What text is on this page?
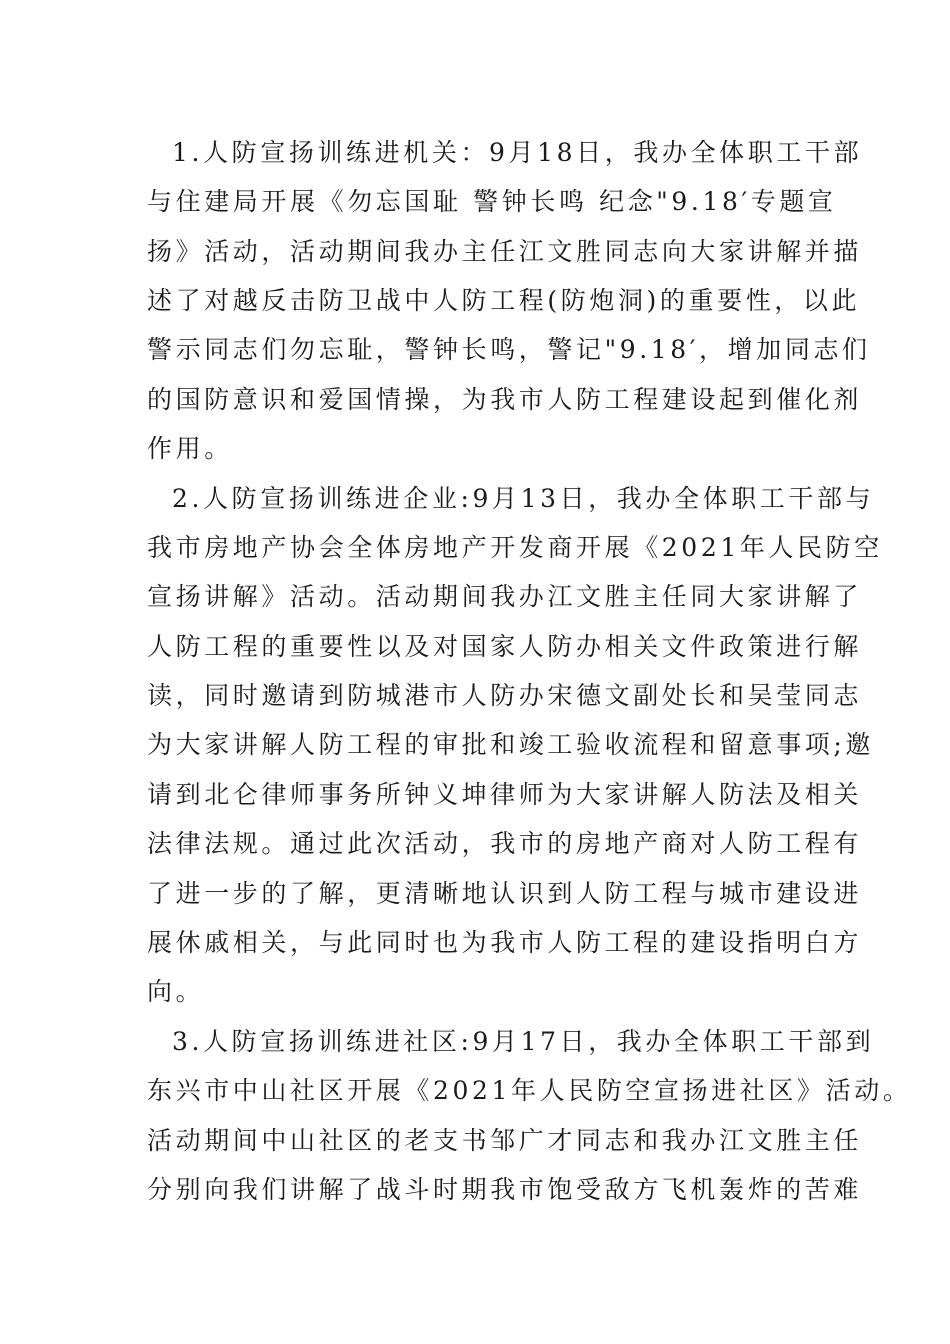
1.人防宣扬训练进机关：9月18日，我办全体职工干部
与住建局开展《勿忘国耻 警钟长鸣 纪念"9.18′专题宣
扬》活动，活动期间我办主任江文胜同志向大家讲解并描
述了对越反击防卫战中人防工程(防炮洞)的重要性，以此
警示同志们勿忘耻，警钟长鸣，警记"9.18′，增加同志们
的国防意识和爱国情操，为我市人防工程建设起到催化剂
作用。
2.人防宣扬训练进企业:9月13日，我办全体职工干部与
我市房地产协会全体房地产开发商开展《2021年人民防空
宣扬讲解》活动。活动期间我办江文胜主任同大家讲解了
人防工程的重要性以及对国家人防办相关文件政策进行解
读，同时邀请到防城港市人防办宋德文副处长和吴莹同志
为大家讲解人防工程的审批和竣工验收流程和留意事项;邀
请到北仑律师事务所钟义坤律师为大家讲解人防法及相关
法律法规。通过此次活动，我市的房地产商对人防工程有
了进一步的了解，更清晰地认识到人防工程与城市建设进
展休戚相关，与此同时也为我市人防工程的建设指明白方
向。
3.人防宣扬训练进社区:9月17日，我办全体职工干部到
东兴市中山社区开展《2021年人民防空宣扬进社区》活动。
活动期间中山社区的老支书邹广才同志和我办江文胜主任
分别向我们讲解了战斗时期我市饱受敌方飞机轰炸的苦难
